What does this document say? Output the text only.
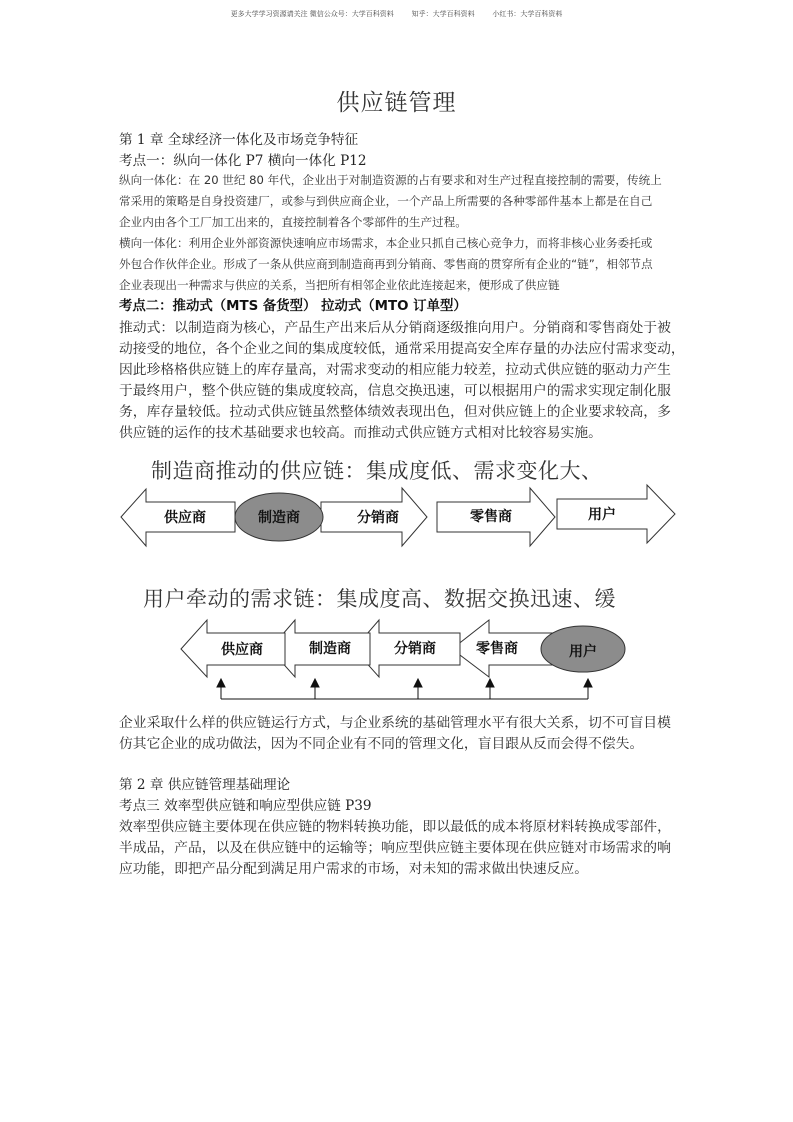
更多大学学习资源请关注 微信公众号：大学百科资料        知乎：大学百科资料        小红书：大学百科资料
供应链管理
第 1 章 全球经济一体化及市场竞争特征
考点一：纵向一体化 P7 横向一体化 P12
纵向一体化：在 20 世纪 80 年代，企业出于对制造资源的占有要求和对生产过程直接控制的需要，传统上
常采用的策略是自身投资建厂，或参与到供应商企业，一个产品上所需要的各种零部件基本上都是在自己
企业内由各个工厂加工出来的，直接控制着各个零部件的生产过程。
横向一体化：利用企业外部资源快速响应市场需求，本企业只抓自己核心竞争力，而将非核心业务委托或
外包合作伙伴企业。形成了一条从供应商到制造商再到分销商、零售商的贯穿所有企业的“链”，相邻节点
企业表现出一种需求与供应的关系，当把所有相邻企业依此连接起来，便形成了供应链
考点二：推动式（MTS 备货型） 拉动式（MTO 订单型）
推动式：以制造商为核心，产品生产出来后从分销商逐级推向用户。分销商和零售商处于被
动接受的地位，各个企业之间的集成度较低，通常采用提高安全库存量的办法应付需求变动，
因此珍格格供应链上的库存量高，对需求变动的相应能力较差，拉动式供应链的驱动力产生
于最终用户，整个供应链的集成度较高，信息交换迅速，可以根据用户的需求实现定制化服
务，库存量较低。拉动式供应链虽然整体绩效表现出色，但对供应链上的企业要求较高，多
供应链的运作的技术基础要求也较高。而推动式供应链方式相对比较容易实施。
制造商推动的供应链：集成度低、需求变化大、
供应商	制造商	分销商	零售商	用户
用户牵动的需求链：集成度高、数据交换迅速、缓
供应商	制造商	分销商	零售商	用户
企业采取什么样的供应链运行方式，与企业系统的基础管理水平有很大关系，切不可盲目模
仿其它企业的成功做法，因为不同企业有不同的管理文化，盲目跟从反而会得不偿失。
第 2 章 供应链管理基础理论
考点三 效率型供应链和响应型供应链 P39
效率型供应链主要体现在供应链的物料转换功能，即以最低的成本将原材料转换成零部件，
半成品，产品，以及在供应链中的运输等；响应型供应链主要体现在供应链对市场需求的响
应功能，即把产品分配到满足用户需求的市场，对未知的需求做出快速反应。
